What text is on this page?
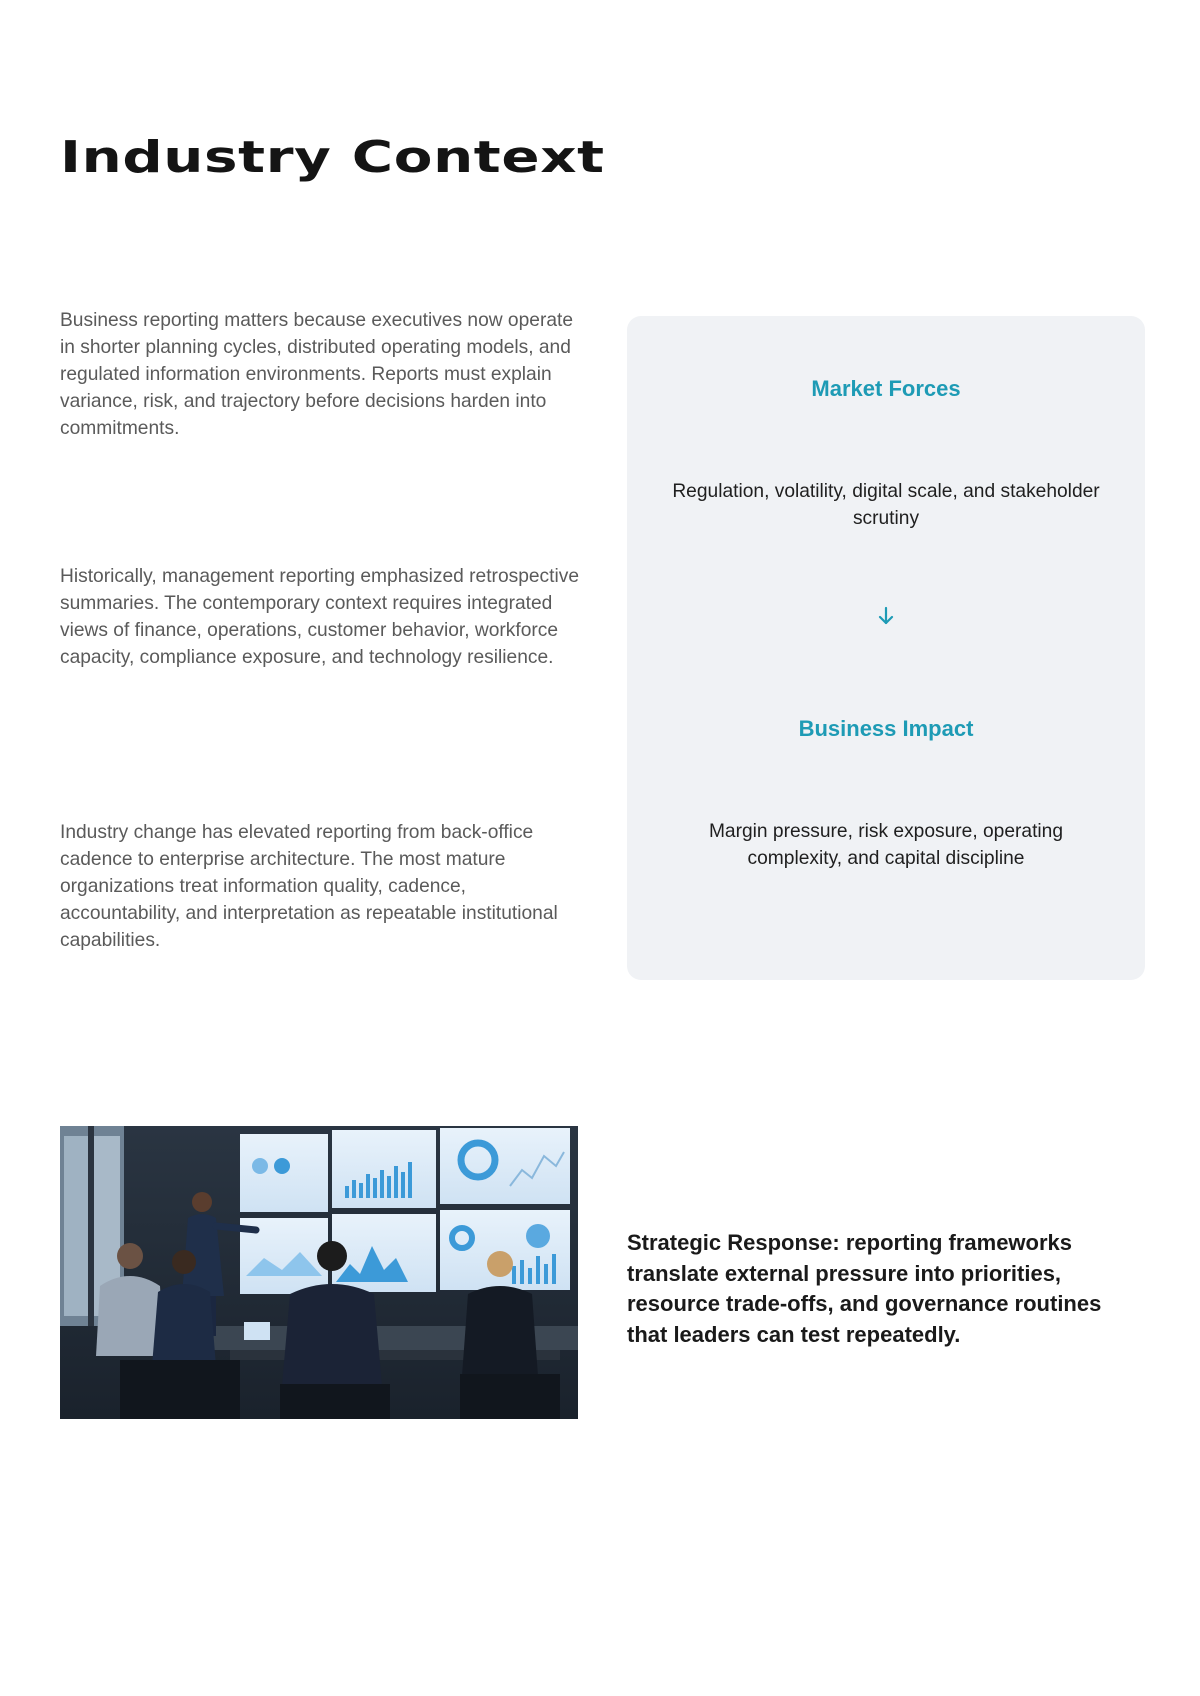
Industry Context

Business reporting matters because executives now operate in shorter planning cycles, distributed operating models, and regulated information environments. Reports must explain variance, risk, and trajectory before decisions harden into commitments.

Historically, management reporting emphasized retrospective summaries. The contemporary context requires integrated views of finance, operations, customer behavior, workforce capacity, compliance exposure, and technology resilience.

Industry change has elevated reporting from back-office cadence to enterprise architecture. The most mature organizations treat information quality, cadence, accountability, and interpretation as repeatable institutional capabilities.

Market Forces

Regulation, volatility, digital scale, and stakeholder scrutiny

Business Impact

Margin pressure, risk exposure, operating complexity, and capital discipline

Strategic Response: reporting frameworks translate external pressure into priorities, resource trade-offs, and governance routines that leaders can test repeatedly.
